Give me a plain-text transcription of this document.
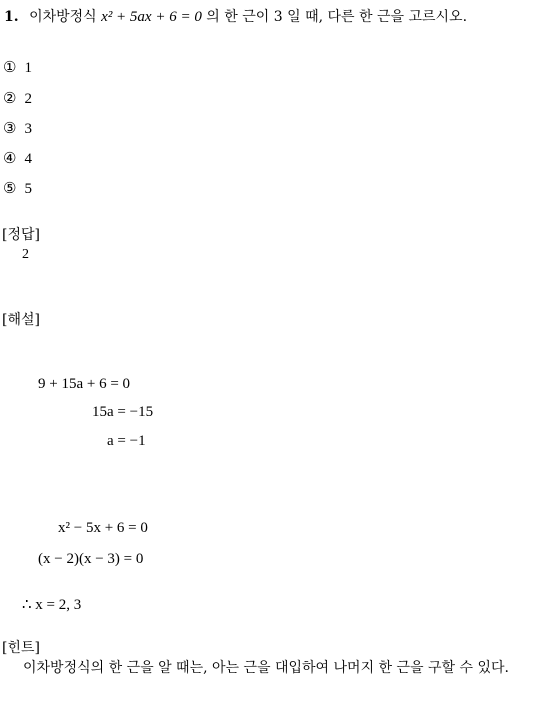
1. 이차방정식 x² + 5ax + 6 = 0 의 한 근이 3 일 때, 다른 한 근을 고르시오.
① 1
② 2
③ 3
④ 4
⑤ 5
[정답]
2
[해설]
9 + 15a + 6 = 0
15a = −15
a = −1
x² − 5x + 6 = 0
(x − 2)(x − 3) = 0
∴ x = 2, 3
[힌트]
이차방정식의 한 근을 알 때는, 아는 근을 대입하여 나머지 한 근을 구할 수 있다.
